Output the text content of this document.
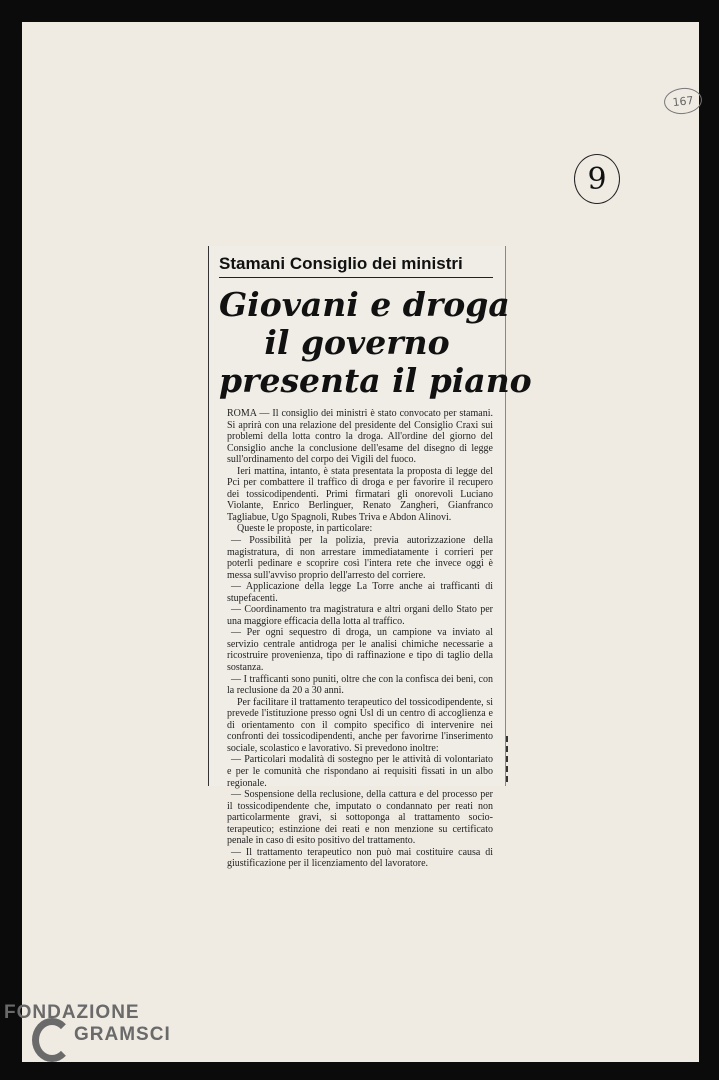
167
9
Stamani Consiglio dei ministri
Giovani e droga
il governo
presenta il piano

ROMA — Il consiglio dei ministri è stato convocato per stamani. Si aprirà con una relazione del presidente del Consiglio Craxi sui problemi della lotta contro la droga. All'ordine del giorno del Consiglio anche la conclusione dell'esame del disegno di legge sull'ordinamento del corpo dei Vigili del fuoco.

Ieri mattina, intanto, è stata presentata la proposta di legge del Pci per combattere il traffico di droga e per favorire il recupero dei tossicodipendenti. Primi firmatari gli onorevoli Luciano Violante, Enrico Berlinguer, Renato Zangheri, Gianfranco Tagliabue, Ugo Spagnoli, Rubes Triva e Abdon Alinovi.

Queste le proposte, in particolare:

— Possibilità per la polizia, previa autorizzazione della magistratura, di non arrestare immediatamente i corrieri per poterli pedinare e scoprire così l'intera rete che invece oggi è messa sull'avviso proprio dell'arresto del corriere.

— Applicazione della legge La Torre anche ai trafficanti di stupefacenti.

— Coordinamento tra magistratura e altri organi dello Stato per una maggiore efficacia della lotta al traffico.

— Per ogni sequestro di droga, un campione va inviato al servizio centrale antidroga per le analisi chimiche necessarie a ricostruire provenienza, tipo di raffinazione e tipo di taglio della sostanza.

— I trafficanti sono puniti, oltre che con la confisca dei beni, con la reclusione da 20 a 30 anni.

Per facilitare il trattamento terapeutico del tossicodipendente, si prevede l'istituzione presso ogni Usl di un centro di accoglienza e di orientamento con il compito specifico di intervenire nei confronti dei tossicodipendenti, anche per favorirne l'inserimento sociale, scolastico e lavorativo. Si prevedono inoltre:

— Particolari modalità di sostegno per le attività di volontariato e per le comunità che rispondano ai requisiti fissati in un albo regionale.

— Sospensione della reclusione, della cattura e del processo per il tossicodipendente che, imputato o condannato per reati non particolarmente gravi, si sottoponga al trattamento socio-terapeutico; estinzione dei reati e non menzione su certificato penale in caso di esito positivo del trattamento.

— Il trattamento terapeutico non può mai costituire causa di giustificazione per il licenziamento del lavoratore.

FONDAZIONE
GRAMSCI
